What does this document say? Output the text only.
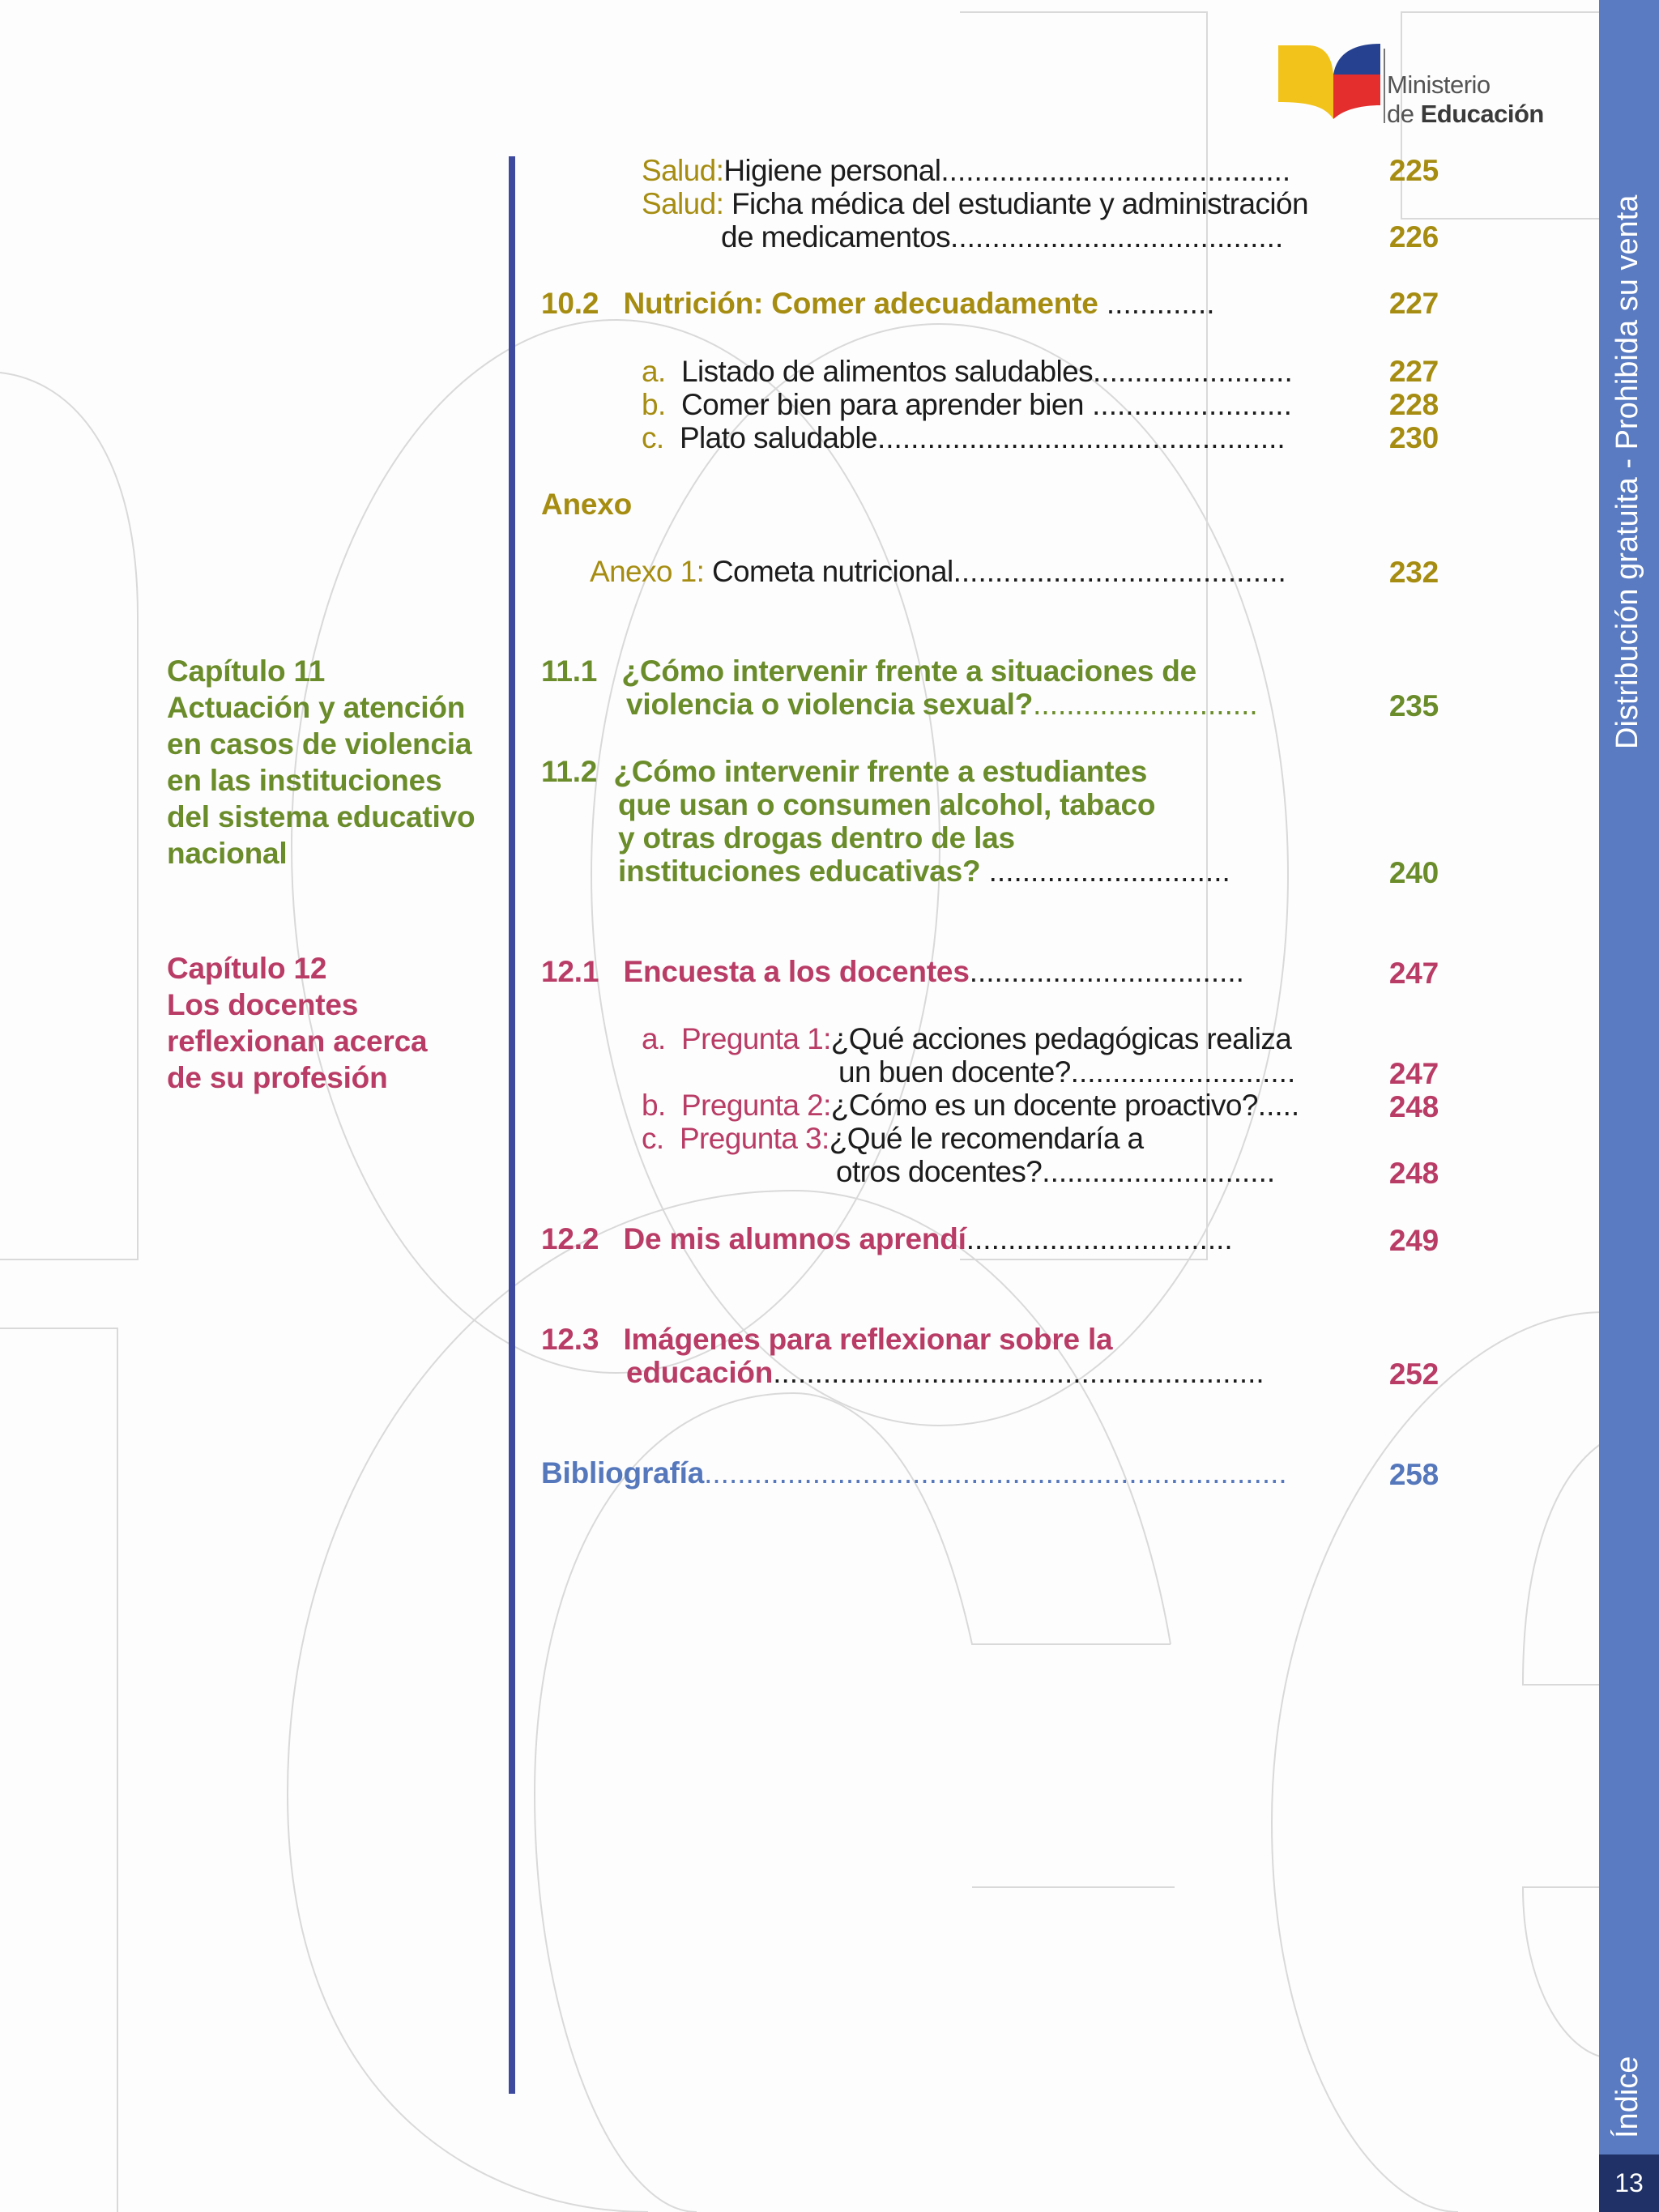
Ministerio
de Educación
Distribución gratuita - Prohibida su venta
Índice
13
Salud:Higiene personal..........................................	225
Salud: Ficha médica del estudiante y administración
de medicamentos........................................	226
10.2 Nutrición: Comer adecuadamente .............	227
a. Listado de alimentos saludables........................	227
b. Comer bien para aprender bien ........................	228
c. Plato saludable.................................................	230
Anexo
Anexo 1: Cometa nutricional........................................	232
Capítulo 11
Actuación y atención
en casos de violencia
en las instituciones
del sistema educativo
nacional
11.1 ¿Cómo intervenir frente a situaciones de
violencia o violencia sexual?...........................	235
11.2 ¿Cómo intervenir frente a estudiantes
que usan o consumen alcohol, tabaco
y otras drogas dentro de las
instituciones educativas? .............................	240
Capítulo 12
Los docentes
reflexionan acerca
de su profesión
12.1 Encuesta a los docentes.................................	247
a. Pregunta 1:¿Qué acciones pedagógicas realiza
un buen docente?...........................	247
b. Pregunta 2:¿Cómo es un docente proactivo?.....	248
c. Pregunta 3:¿Qué le recomendaría a
otros docentes?............................	248
12.2 De mis alumnos aprendí................................	249
12.3 Imágenes para reflexionar sobre la
educación...........................................................	252
Bibliografía......................................................................	258
